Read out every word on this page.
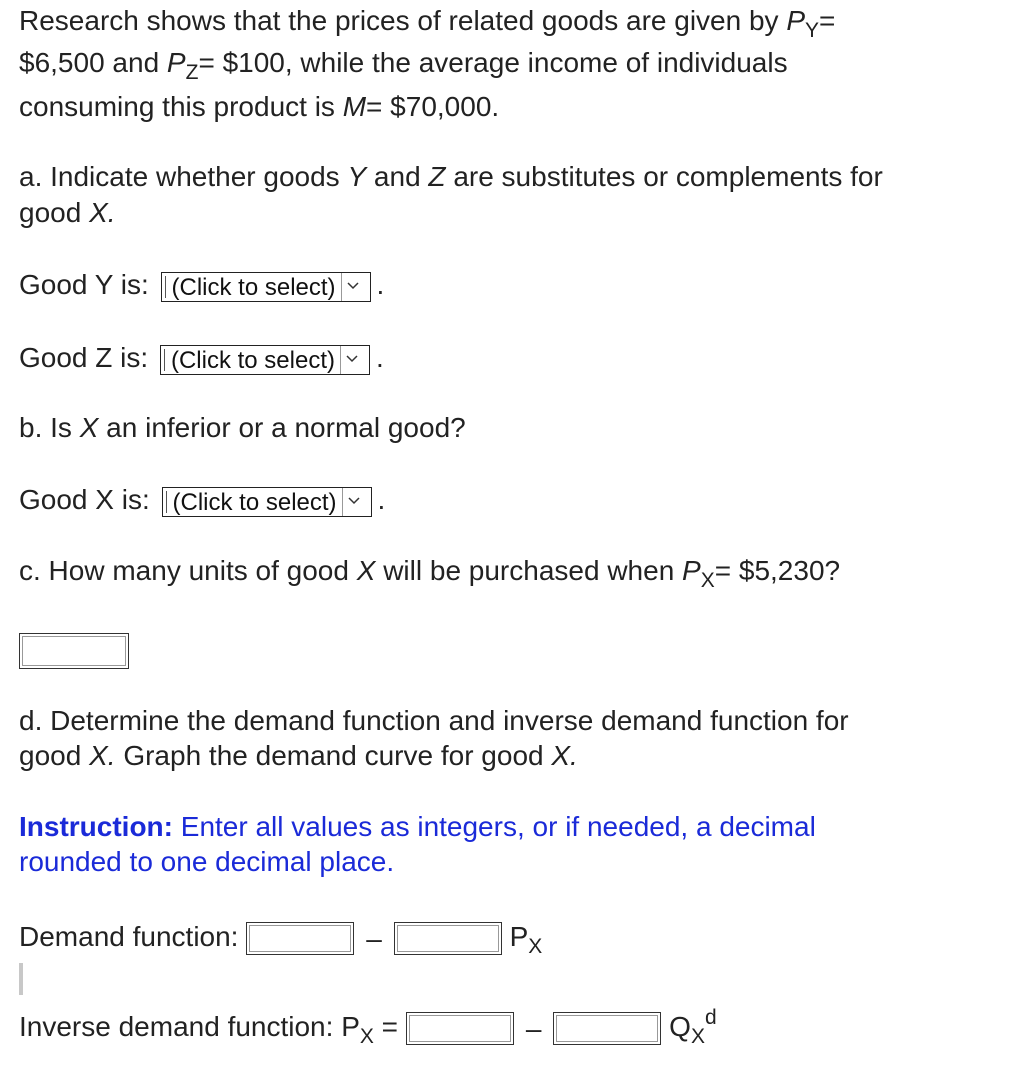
Research shows that the prices of related goods are given by $P_Y=$
$6,500 and $P_Z=$ $100, while the average income of individuals
consuming this product is M= $70,000.
a. Indicate whether goods Y and Z are substitutes or complements for
good X.
Good Y is: (Click to select) .
Good Z is: (Click to select) .
b. Is X an inferior or a normal good?
Good X is: (Click to select) .
c. How many units of good X will be purchased when $P_X=$ $5,230?
d. Determine the demand function and inverse demand function for
good X. Graph the demand curve for good X.
Instruction: Enter all values as integers, or if needed, a decimal
rounded to one decimal place.
Demand function:	–	$P_X$
Inverse demand function: $P_X$ =	–	$Q_X^d$
